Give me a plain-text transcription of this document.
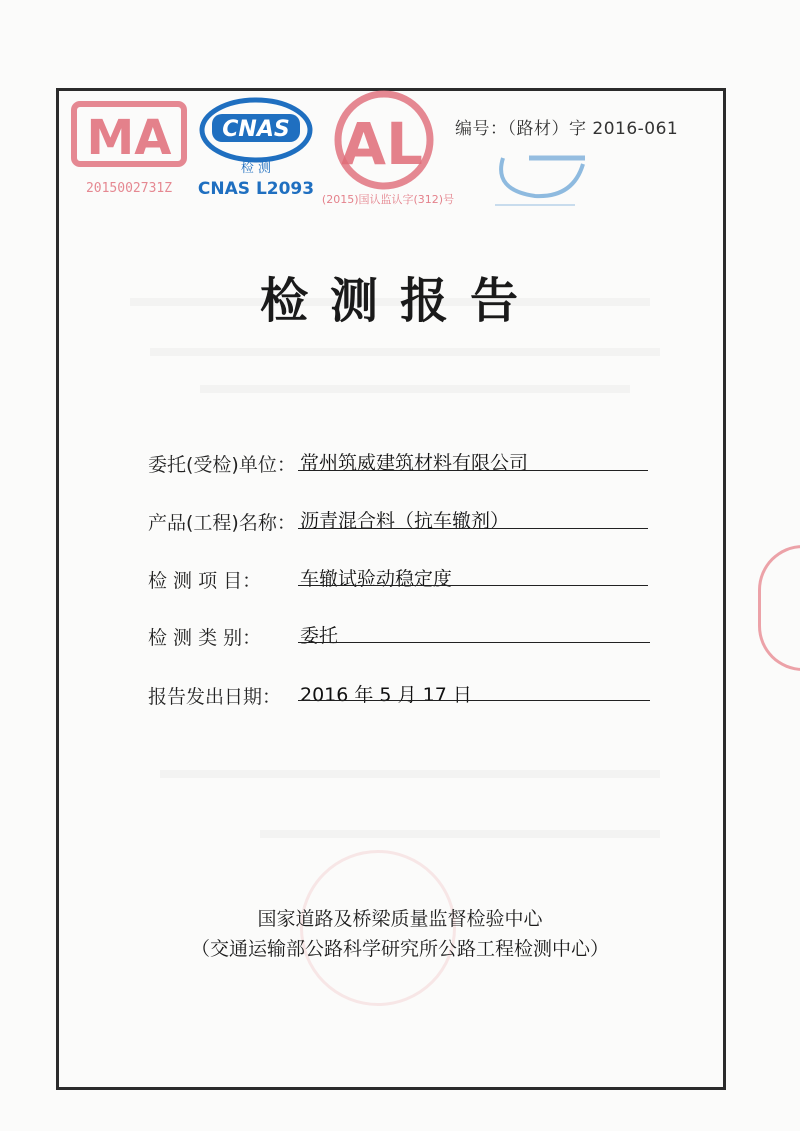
MA
2015002731Z
CNAS
检 测
CNAS L2093
AL
(2015)国认监认字(312)号
编号：（路材）字 2016-061
检测报告
委托(受检)单位： 常州筑威建筑材料有限公司
产品(工程)名称： 沥青混合料（抗车辙剂）
检 测 项 目： 车辙试验动稳定度
检 测 类 别： 委托
报告发出日期： 2016 年 5 月 17 日
国家道路及桥梁质量监督检验中心
（交通运输部公路科学研究所公路工程检测中心）
